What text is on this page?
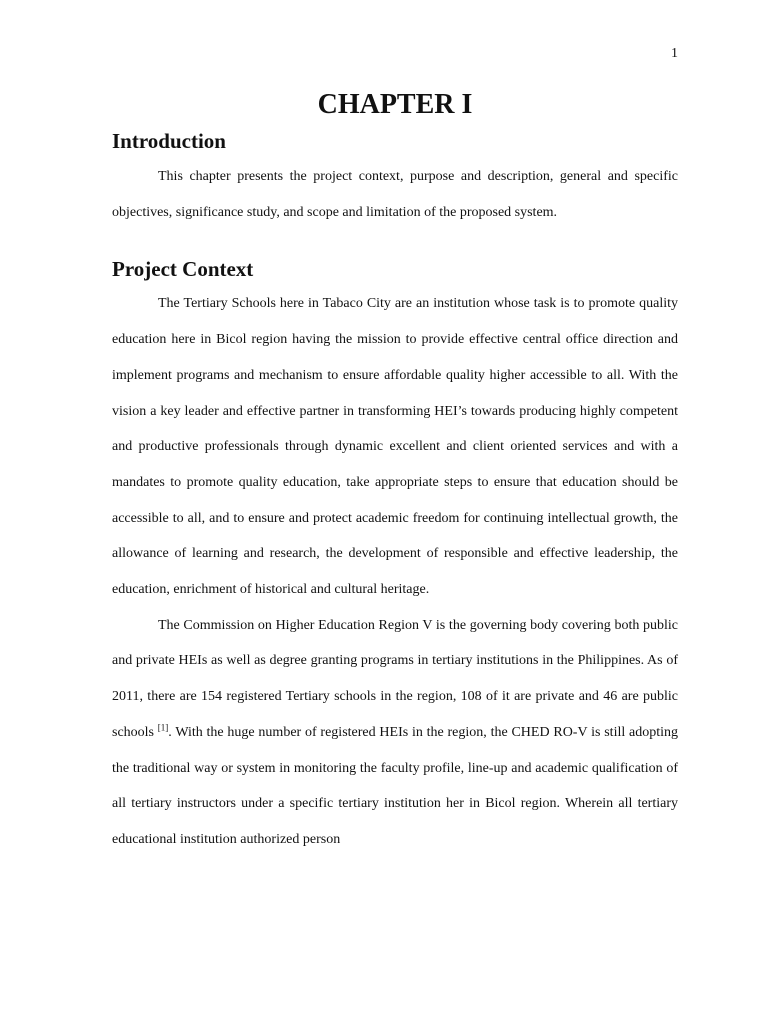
1
CHAPTER I
Introduction

This chapter presents the project context, purpose and description, general and specific objectives, significance study, and scope and limitation of the proposed system.

Project Context

The Tertiary Schools here in Tabaco City are an institution whose task is to promote quality education here in Bicol region having the mission to provide effective central office direction and implement programs and mechanism to ensure affordable quality higher accessible to all. With the vision a key leader and effective partner in transforming HEI’s towards producing highly competent and productive professionals through dynamic excellent and client oriented services and with a mandates to promote quality education, take appropriate steps to ensure that education should be accessible to all, and to ensure and protect academic freedom for continuing intellectual growth, the allowance of learning and research, the development of responsible and effective leadership, the education, enrichment of historical and cultural heritage.

The Commission on Higher Education Region V is the governing body covering both public and private HEIs as well as degree granting programs in tertiary institutions in the Philippines. As of 2011, there are 154 registered Tertiary schools in the region, 108 of it are private and 46 are public schools [1]. With the huge number of registered HEIs in the region, the CHED RO-V is still adopting the traditional way or system in monitoring the faculty profile, line-up and academic qualification of all tertiary instructors under a specific tertiary institution her in Bicol region. Wherein all tertiary educational institution authorized person
